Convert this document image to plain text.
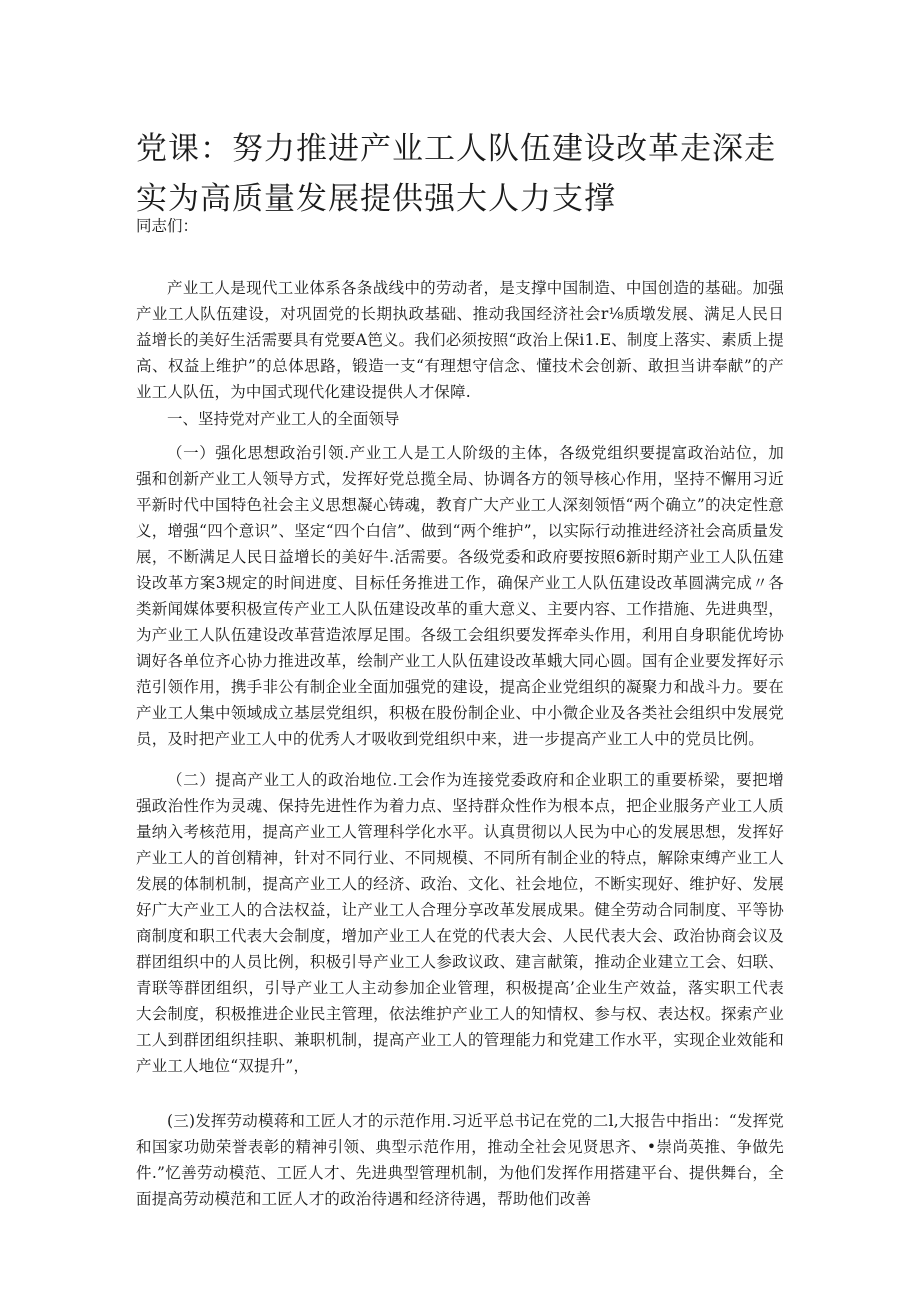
党课：努力推进产业工人队伍建设改革走深走实为高质量发展提供强大人力支撑

同志们：

产业工人是现代工业体系各条战线中的劳动者，是支撑中国制造、中国创造的基础。加强产业工人队伍建设，对巩固党的长期执政基础、推动我国经济社会r⅛质墩发展、满足人民日益增长的美好生活需要具有党要A笆义。我们必须按照“政治上保i1.E、制度上落实、素质上提高、权益上维护”的总体思路，锻造一支“有理想守信念、懂技术会创新、敢担当讲奉献”的产业工人队伍，为中国式现代化建设提供人才保障.

一、坚持党对产业工人的全面领导

（一）强化思想政治引领.产业工人是工人阶级的主体，各级党组织要提富政治站位，加强和创新产业工人领导方式，发挥好党总揽全局、协调各方的领导核心作用，坚持不懈用习近平新时代中国特色社会主义思想凝心铸魂，教育广大产业工人深刻领悟“两个确立”的决定性意义，增强“四个意识”、坚定“四个白信”、做到“两个维护”，以实际行动推进经济社会高质量发展，不断满足人民日益增长的美好牛.活需要。各级党委和政府要按照6新时期产业工人队伍建设改革方案3规定的时间进度、目标任务推进工作，确保产业工人队伍建设改革圆满完成〃各类新闻媒体要积极宣传产业工人队伍建设改革的重大意义、主要内容、工作措施、先进典型，为产业工人队伍建设改革营造浓厚足围。各级工会组织要发挥牵头作用，利用自身职能优垮协调好各单位齐心协力推进改革，绘制产业工人队伍建设改革蛾大同心圆。国有企业要发挥好示范引领作用，携手非公有制企业全面加强党的建设，提高企业党组织的凝聚力和战斗力。要在产业工人集中领域成立基层党组织，积极在股份制企业、中小微企业及各类社会组织中发展党员，及时把产业工人中的优秀人才吸收到党组织中来，进一步提高产业工人中的党员比例。

（二）提高产业工人的政治地位.工会作为连接党委政府和企业职工的重要桥梁，要把增强政治性作为灵魂、保持先进性作为着力点、坚持群众性作为根本点，把企业服务产业工人质量纳入考核范用，提高产业工人管理科学化水平。认真贯彻以人民为中心的发展思想，发挥好产业工人的首创精神，针对不同行业、不同规模、不同所有制企业的特点，解除束缚产业工人发展的体制机制，提高产业工人的经济、政治、文化、社会地位，不断实现好、维护好、发展好广大产业工人的合法权益，让产业工人合理分享改革发展成果。健全劳动合同制度、平等协商制度和职工代表大会制度，增加产业工人在党的代表大会、人民代表大会、政治协商会议及群团组织中的人员比例，积极引导产业工人参政议政、建言献策，推动企业建立工会、妇联、青联等群团组织，引导产业工人主动参加企业管理，积极提高’企业生产效益，落实职工代表大会制度，积极推进企业民主管理，依法维护产业工人的知情权、参与权、表达权。探索产业工人到群团组织挂职、兼职机制，提高产业工人的管理能力和党建工作水平，实现企业效能和产业工人地位“双提升”，

(三)发挥劳动模蒋和工匠人才的示范作用.习近平总书记在党的二l,大报告中指出：“发挥党和国家功勋荣誉表彰的精神引领、典型示范作用，推动全社会见贤思齐、•崇尚英推、争做先件.”忆善劳动模范、工匠人才、先进典型管理机制，为他们发挥作用搭建平台、提供舞台，全面提高劳动模范和工匠人才的政治待遇和经济待遇，帮助他们改善
